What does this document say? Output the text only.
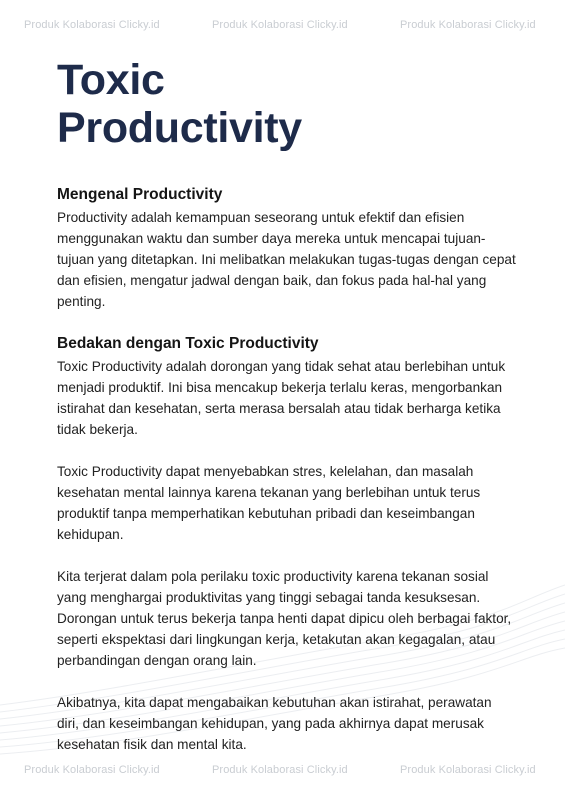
Produk Kolaborasi Clicky.id	Produk Kolaborasi Clicky.id	Produk Kolaborasi Clicky.id
Toxic
Productivity
Mengenal Productivity

Productivity adalah kemampuan seseorang untuk efektif dan efisien menggunakan waktu dan sumber daya mereka untuk mencapai tujuan-tujuan yang ditetapkan. Ini melibatkan melakukan tugas-tugas dengan cepat dan efisien, mengatur jadwal dengan baik, dan fokus pada hal-hal yang penting.

Bedakan dengan Toxic Productivity

Toxic Productivity adalah dorongan yang tidak sehat atau berlebihan untuk menjadi produktif. Ini bisa mencakup bekerja terlalu keras, mengorbankan istirahat dan kesehatan, serta merasa bersalah atau tidak berharga ketika tidak bekerja.

Toxic Productivity dapat menyebabkan stres, kelelahan, dan masalah kesehatan mental lainnya karena tekanan yang berlebihan untuk terus produktif tanpa memperhatikan kebutuhan pribadi dan keseimbangan kehidupan.

Kita terjerat dalam pola perilaku toxic productivity karena tekanan sosial yang menghargai produktivitas yang tinggi sebagai tanda kesuksesan. Dorongan untuk terus bekerja tanpa henti dapat dipicu oleh berbagai faktor, seperti ekspektasi dari lingkungan kerja, ketakutan akan kegagalan, atau perbandingan dengan orang lain.

Akibatnya, kita dapat mengabaikan kebutuhan akan istirahat, perawatan diri, dan keseimbangan kehidupan, yang pada akhirnya dapat merusak kesehatan fisik dan mental kita.

Produk Kolaborasi Clicky.id	Produk Kolaborasi Clicky.id	Produk Kolaborasi Clicky.id
